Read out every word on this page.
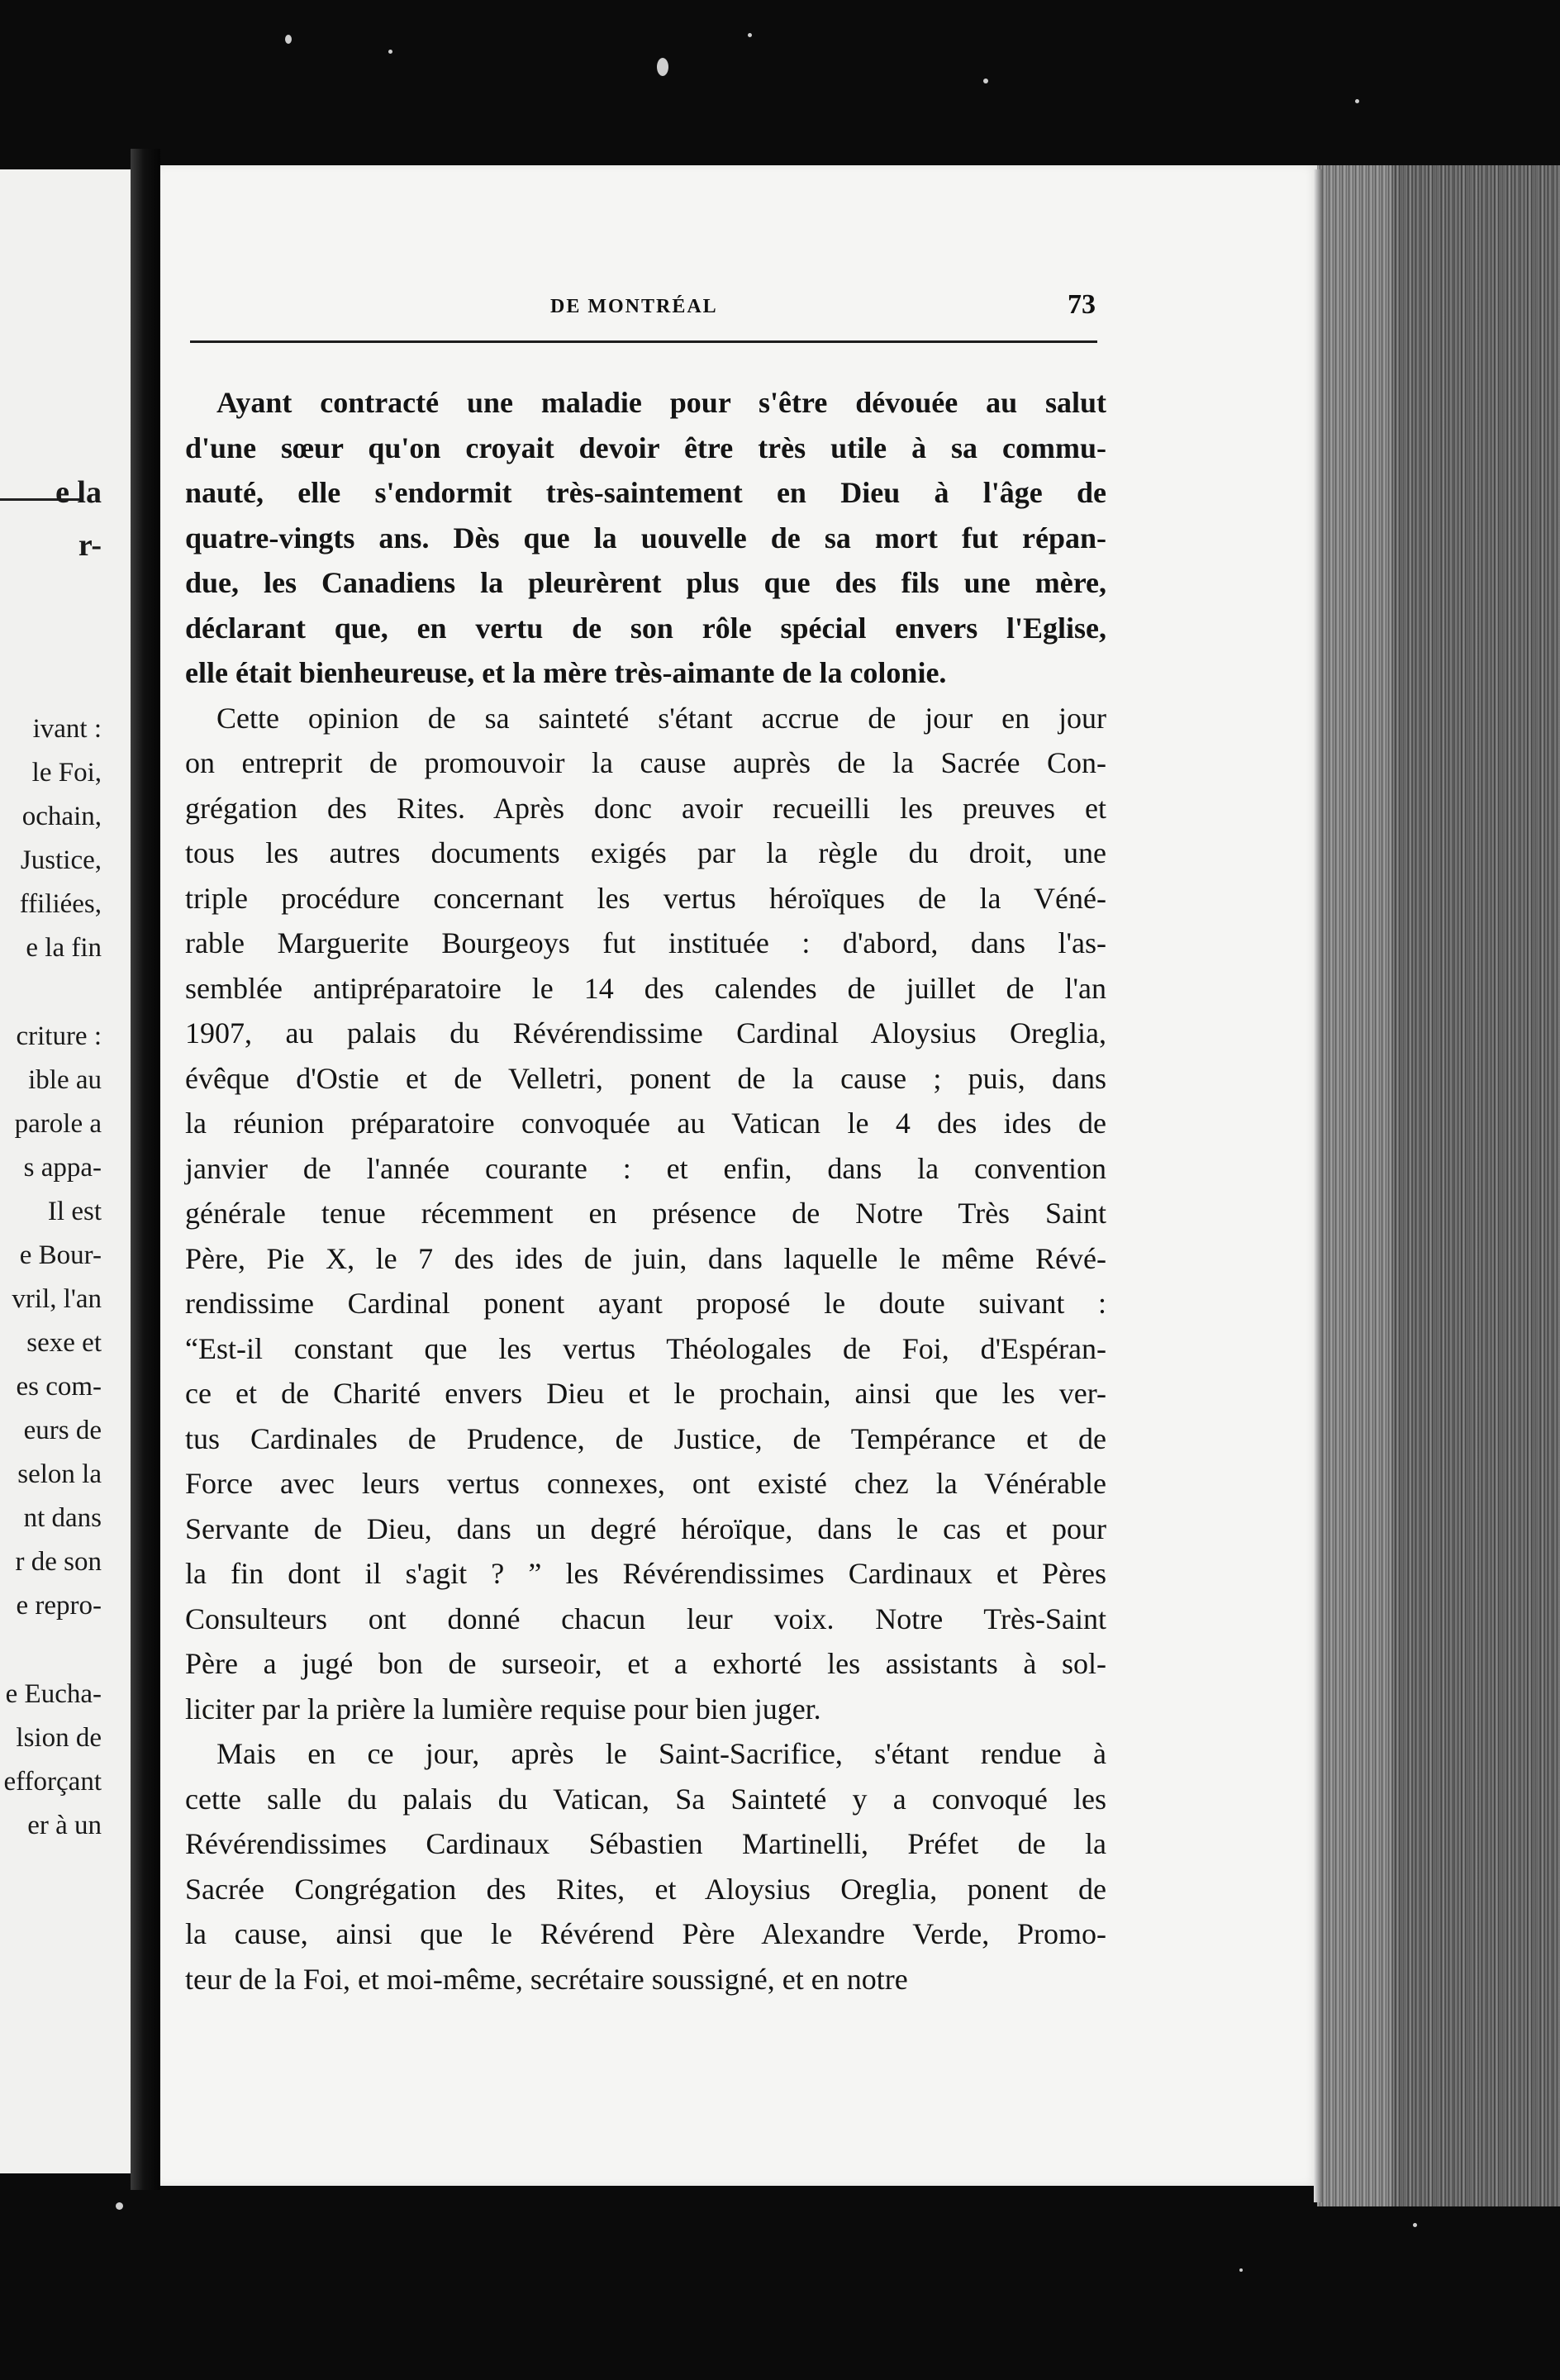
e la
r-
ivant :
le Foi,
ochain,
Justice,
ffiliées,
e la fin
criture :
ible au
parole a
s appa-
Il est
e Bour-
vril, l'an
sexe et
es com-
eurs de
selon la
nt dans
r de son
e repro-
e Eucha-
lsion de
efforçant
er à un
DE MONTRÉAL	73
Ayant contracté une maladie pour s'être dévouée au salut
d'une sœur qu'on croyait devoir être très utile à sa commu-
nauté, elle s'endormit très-saintement en Dieu à l'âge de
quatre-vingts ans. Dès que la uouvelle de sa mort fut répan-
due, les Canadiens la pleurèrent plus que des fils une mère,
déclarant que, en vertu de son rôle spécial envers l'Eglise,
elle était bienheureuse, et la mère très-aimante de la colonie.
Cette opinion de sa sainteté s'étant accrue de jour en jour
on entreprit de promouvoir la cause auprès de la Sacrée Con-
grégation des Rites. Après donc avoir recueilli les preuves et
tous les autres documents exigés par la règle du droit, une
triple procédure concernant les vertus héroïques de la Véné-
rable Marguerite Bourgeoys fut instituée : d'abord, dans l'as-
semblée antipréparatoire le 14 des calendes de juillet de l'an
1907, au palais du Révérendissime Cardinal Aloysius Oreglia,
évêque d'Ostie et de Velletri, ponent de la cause ; puis, dans
la réunion préparatoire convoquée au Vatican le 4 des ides de
janvier de l'année courante : et enfin, dans la convention
générale tenue récemment en présence de Notre Très Saint
Père, Pie X, le 7 des ides de juin, dans laquelle le même Révé-
rendissime Cardinal ponent ayant proposé le doute suivant :
“Est-il constant que les vertus Théologales de Foi, d'Espéran-
ce et de Charité envers Dieu et le prochain, ainsi que les ver-
tus Cardinales de Prudence, de Justice, de Tempérance et de
Force avec leurs vertus connexes, ont existé chez la Vénérable
Servante de Dieu, dans un degré héroïque, dans le cas et pour
la fin dont il s'agit ? ” les Révérendissimes Cardinaux et Pères
Consulteurs ont donné chacun leur voix. Notre Très-Saint
Père a jugé bon de surseoir, et a exhorté les assistants à sol-
liciter par la prière la lumière requise pour bien juger.
Mais en ce jour, après le Saint-Sacrifice, s'étant rendue à
cette salle du palais du Vatican, Sa Sainteté y a convoqué les
Révérendissimes Cardinaux Sébastien Martinelli, Préfet de la
Sacrée Congrégation des Rites, et Aloysius Oreglia, ponent de
la cause, ainsi que le Révérend Père Alexandre Verde, Promo-
teur de la Foi, et moi-même, secrétaire soussigné, et en notre
